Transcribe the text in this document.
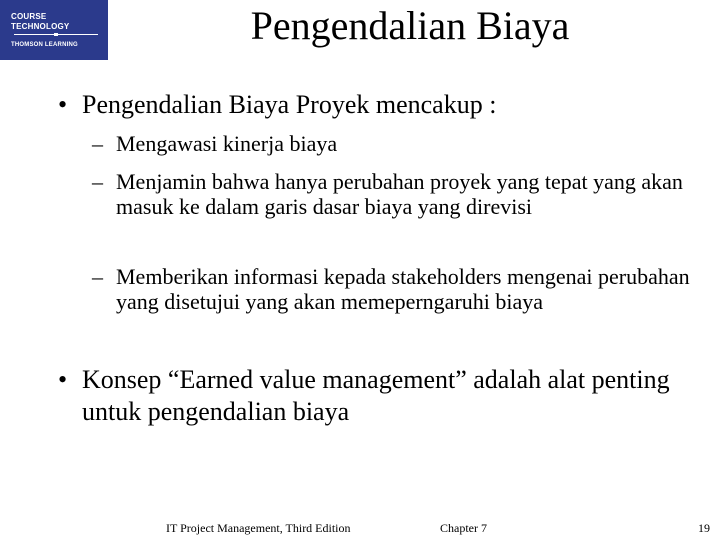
COURSE
TECHNOLOGY
THOMSON LEARNING	Pengendalian Biaya
• Pengendalian Biaya Proyek mencakup :
– Mengawasi kinerja biaya
– Menjamin bahwa hanya perubahan proyek yang tepat yang akan masuk ke dalam garis dasar biaya yang direvisi
– Memberikan informasi kepada stakeholders mengenai perubahan yang disetujui yang akan memeperngaruhi biaya
• Konsep “Earned value management” adalah alat penting untuk pengendalian biaya
IT Project Management, Third Edition	Chapter 7	19
